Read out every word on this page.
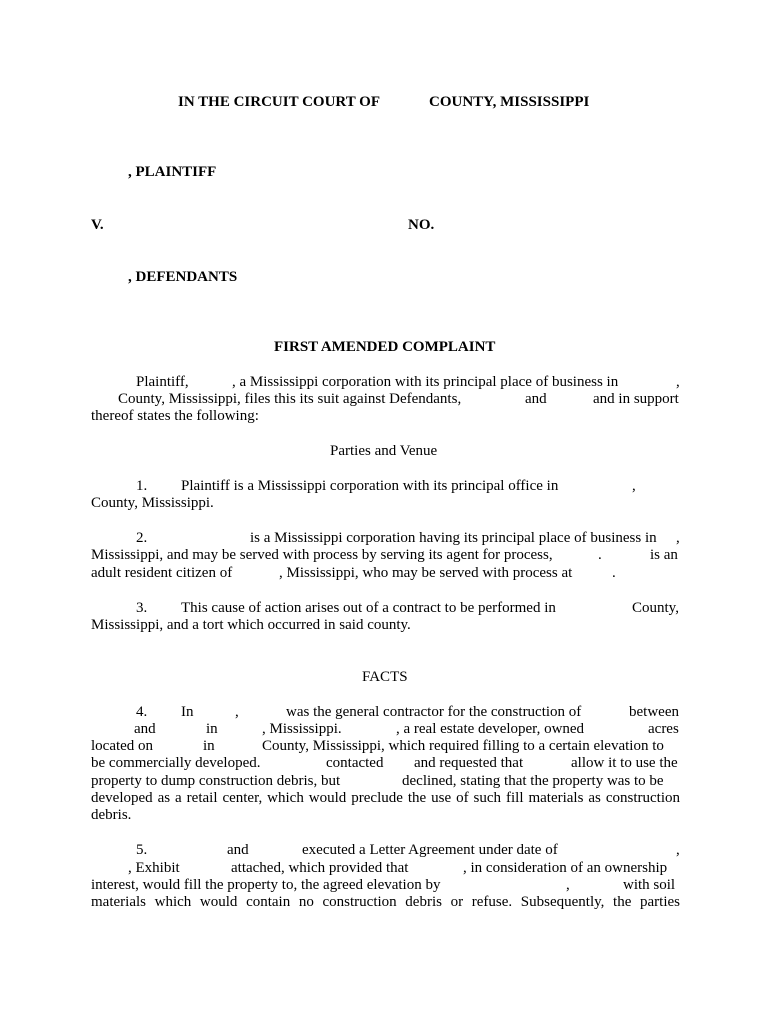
IN THE CIRCUIT COURT OF	COUNTY, MISSISSIPPI
, PLAINTIFF
V.	NO.
, DEFENDANTS
FIRST AMENDED COMPLAINT
Plaintiff,	, a Mississippi corporation with its principal place of business in	,
County, Mississippi, files this its suit against Defendants,	and	and in support
thereof states the following:
Parties and Venue
1. Plaintiff is a Mississippi corporation with its principal office in	,
County, Mississippi.
2.	is a Mississippi corporation having its principal place of business in ,
Mississippi, and may be served with process by serving its agent for process,	.	is an
adult resident citizen of	, Mississippi, who may be served with process at	.
3. This cause of action arises out of a contract to be performed in	County,
Mississippi, and a tort which occurred in said county.
FACTS
4. In	,	was the general contractor for the construction of	between
and	in	, Mississippi.	, a real estate developer, owned	acres
located on	in	County, Mississippi, which required filling to a certain elevation to
be commercially developed.	contacted and requested that	allow it to use the
property to dump construction debris, but	declined, stating that the property was to be
developed as a retail center, which would preclude the use of such fill materials as construction
debris.
5.	and	executed a Letter Agreement under date of	,
, Exhibit	attached, which provided that	, in consideration of an ownership
interest, would fill the property to, the agreed elevation by	,	with soil
materials which would contain no construction debris or refuse. Subsequently, the parties
